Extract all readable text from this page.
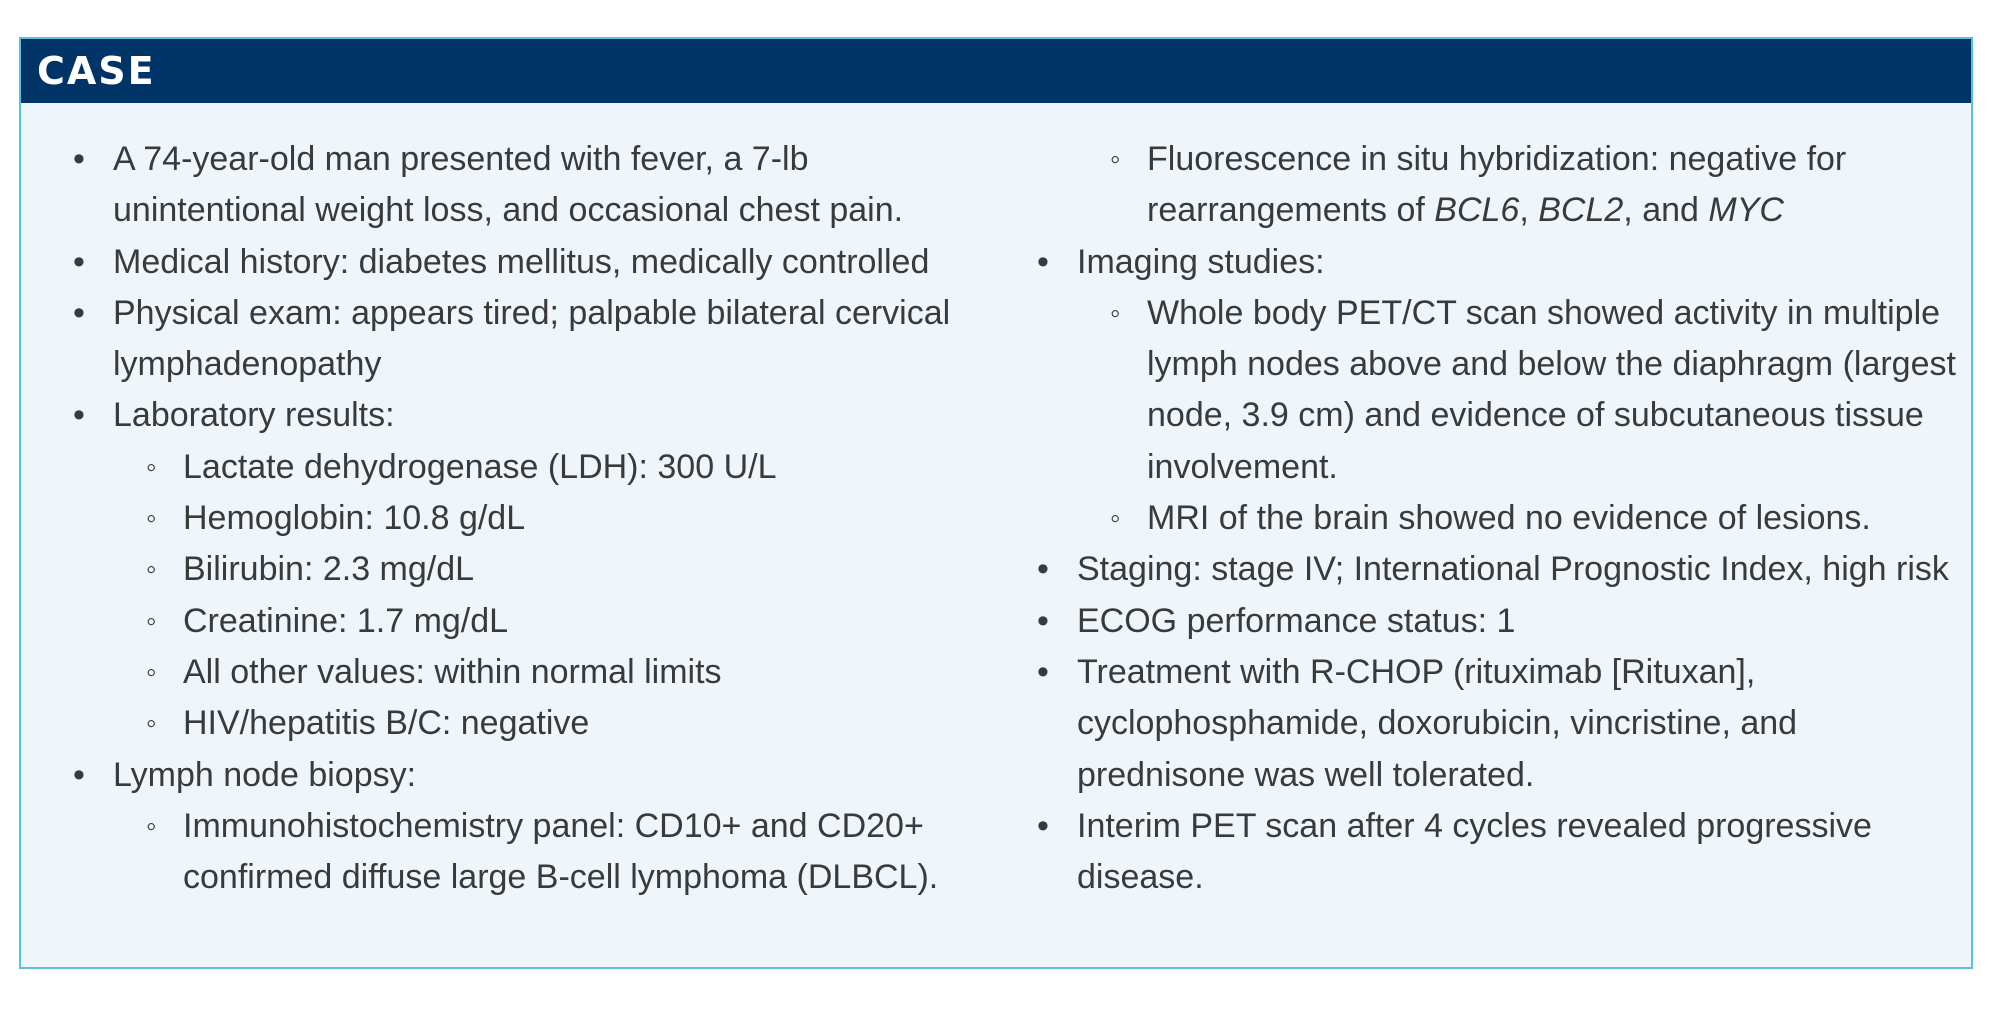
CASE
• A 74-year-old man presented with fever, a 7-lb unintentional weight loss, and occasional chest pain.
• Medical history: diabetes mellitus, medically controlled
• Physical exam: appears tired; palpable bilateral cervical lymphadenopathy
• Laboratory results:
◦ Lactate dehydrogenase (LDH): 300 U/L
◦ Hemoglobin: 10.8 g/dL
◦ Bilirubin: 2.3 mg/dL
◦ Creatinine: 1.7 mg/dL
◦ All other values: within normal limits
◦ HIV/hepatitis B/C: negative
• Lymph node biopsy:
◦ Immunohistochemistry panel: CD10+ and CD20+ confirmed diffuse large B-cell lymphoma (DLBCL).
◦ Fluorescence in situ hybridization: negative for rearrangements of BCL6, BCL2, and MYC
• Imaging studies:
◦ Whole body PET/CT scan showed activity in multiple lymph nodes above and below the diaphragm (largest node, 3.9 cm) and evidence of subcutaneous tissue involvement.
◦ MRI of the brain showed no evidence of lesions.
• Staging: stage IV; International Prognostic Index, high risk
• ECOG performance status: 1
• Treatment with R-CHOP (rituximab [Rituxan], cyclophosphamide, doxorubicin, vincristine, and prednisone was well tolerated.
• Interim PET scan after 4 cycles revealed progressive disease.
